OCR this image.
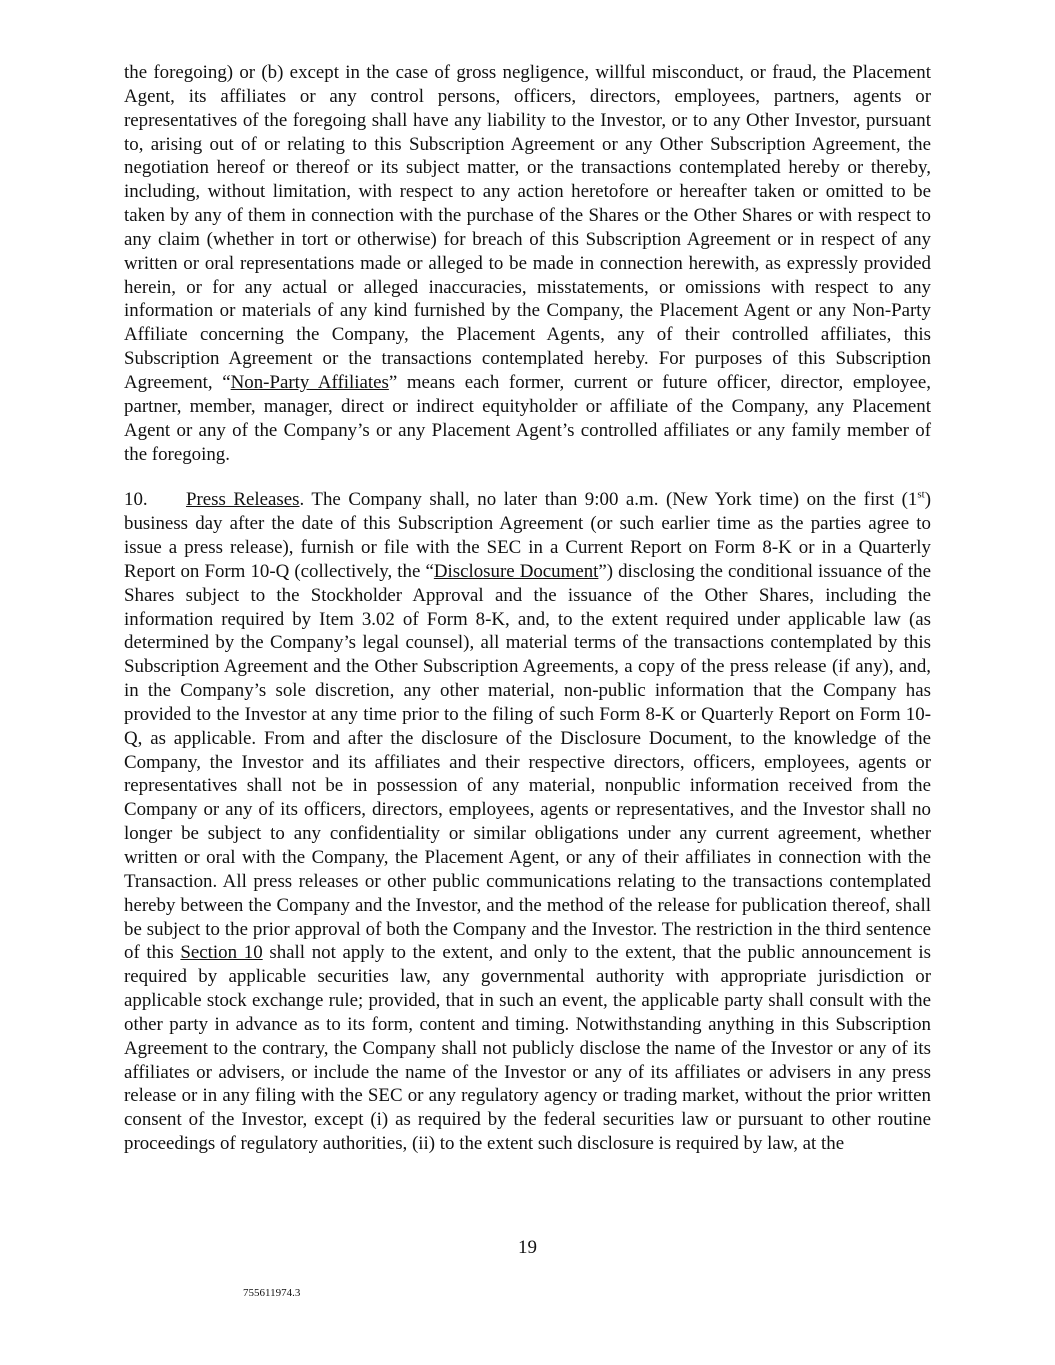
the foregoing) or (b) except in the case of gross negligence, willful misconduct, or fraud, the Placement Agent, its affiliates or any control persons, officers, directors, employees, partners, agents or representatives of the foregoing shall have any liability to the Investor, or to any Other Investor, pursuant to, arising out of or relating to this Subscription Agreement or any Other Subscription Agreement, the negotiation hereof or thereof or its subject matter, or the transactions contemplated hereby or thereby, including, without limitation, with respect to any action heretofore or hereafter taken or omitted to be taken by any of them in connection with the purchase of the Shares or the Other Shares or with respect to any claim (whether in tort or otherwise) for breach of this Subscription Agreement or in respect of any written or oral representations made or alleged to be made in connection herewith, as expressly provided herein, or for any actual or alleged inaccuracies, misstatements, or omissions with respect to any information or materials of any kind furnished by the Company, the Placement Agent or any Non-Party Affiliate concerning the Company, the Placement Agents, any of their controlled affiliates, this Subscription Agreement or the transactions contemplated hereby. For purposes of this Subscription Agreement, “Non-Party Affiliates” means each former, current or future officer, director, employee, partner, member, manager, direct or indirect equityholder or affiliate of the Company, any Placement Agent or any of the Company’s or any Placement Agent’s controlled affiliates or any family member of the foregoing.

10. Press Releases. The Company shall, no later than 9:00 a.m. (New York time) on the first (1st) business day after the date of this Subscription Agreement (or such earlier time as the parties agree to issue a press release), furnish or file with the SEC in a Current Report on Form 8-K or in a Quarterly Report on Form 10-Q (collectively, the “Disclosure Document”) disclosing the conditional issuance of the Shares subject to the Stockholder Approval and the issuance of the Other Shares, including the information required by Item 3.02 of Form 8-K, and, to the extent required under applicable law (as determined by the Company’s legal counsel), all material terms of the transactions contemplated by this Subscription Agreement and the Other Subscription Agreements, a copy of the press release (if any), and, in the Company’s sole discretion, any other material, non-public information that the Company has provided to the Investor at any time prior to the filing of such Form 8-K or Quarterly Report on Form 10-Q, as applicable. From and after the disclosure of the Disclosure Document, to the knowledge of the Company, the Investor and its affiliates and their respective directors, officers, employees, agents or representatives shall not be in possession of any material, nonpublic information received from the Company or any of its officers, directors, employees, agents or representatives, and the Investor shall no longer be subject to any confidentiality or similar obligations under any current agreement, whether written or oral with the Company, the Placement Agent, or any of their affiliates in connection with the Transaction. All press releases or other public communications relating to the transactions contemplated hereby between the Company and the Investor, and the method of the release for publication thereof, shall be subject to the prior approval of both the Company and the Investor. The restriction in the third sentence of this Section 10 shall not apply to the extent, and only to the extent, that the public announcement is required by applicable securities law, any governmental authority with appropriate jurisdiction or applicable stock exchange rule; provided, that in such an event, the applicable party shall consult with the other party in advance as to its form, content and timing. Notwithstanding anything in this Subscription Agreement to the contrary, the Company shall not publicly disclose the name of the Investor or any of its affiliates or advisers, or include the name of the Investor or any of its affiliates or advisers in any press release or in any filing with the SEC or any regulatory agency or trading market, without the prior written consent of the Investor, except (i) as required by the federal securities law or pursuant to other routine proceedings of regulatory authorities, (ii) to the extent such disclosure is required by law, at the

19
755611974.3
